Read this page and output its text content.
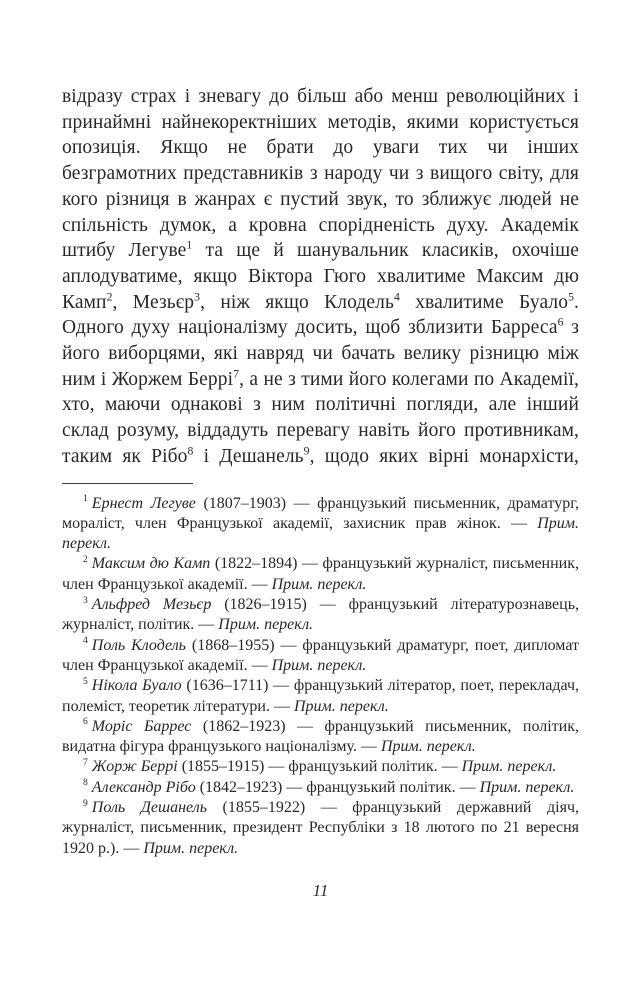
відразу страх і зневагу до більш або менш революційних і принаймні найнекоректніших методів, якими користується опозиція. Якщо не брати до уваги тих чи інших безграмотних представників з народу чи з вищого світу, для кого різниця в жанрах є пустий звук, то зближує людей не спільність думок, а кровна спорідненість духу. Академік штибу Легуве$^1$ та ще й шанувальник класиків, охочіше аплодуватиме, якщо Віктора Гюго хвалитиме Максим дю Камп$^2$, Мезьєр$^3$, ніж якщо Клодель$^4$ хвалитиме Буало$^5$. Одного духу націоналізму досить, щоб зблизити Барреса$^6$ з його виборцями, які навряд чи бачать велику різницю між ним і Жоржем Беррі$^7$, а не з тими його колегами по Академії, хто, маючи однакові з ним політичні погляди, але інший склад розуму, віддадуть перевагу навіть його противникам, таким як Рібо$^8$ і Дешанель$^9$, щодо яких вірні монархісти,

$^1$ Ернест Легуве (1807–1903) — французький письменник, драматург, мораліст, член Французької академії, захисник прав жінок. — Прим. перекл.

$^2$ Максим дю Камп (1822–1894) — французький журналіст, письменник, член Французької академії. — Прим. перекл.

$^3$ Альфред Мезьєр (1826–1915) — французький літературознавець, журналіст, політик. — Прим. перекл.

$^4$ Поль Клодель (1868–1955) — французький драматург, поет, дипломат член Французької академії. — Прим. перекл.

$^5$ Нікола Буало (1636–1711) — французький літератор, поет, перекладач, полеміст, теоретик літератури. — Прим. перекл.

$^6$ Моріс Баррес (1862–1923) — французький письменник, політик, видатна фігура французького націоналізму. — Прим. перекл.

$^7$ Жорж Беррі (1855–1915) — французький політик. — Прим. перекл.

$^8$ Александр Рібо (1842–1923) — французький політик. — Прим. перекл.

$^9$ Поль Дешанель (1855–1922) — французький державний діяч, журналіст, письменник, президент Республіки з 18 лютого по 21 вересня 1920 р.). — Прим. перекл.

11
